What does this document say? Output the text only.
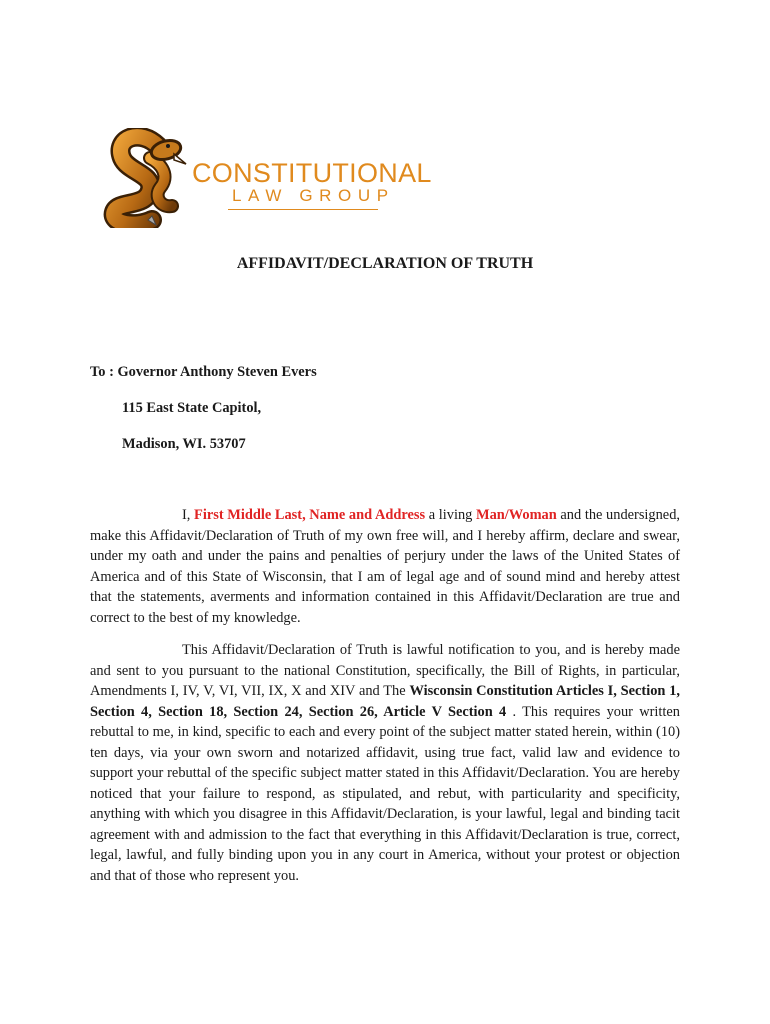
CONSTITUTIONAL
LAW GROUP
AFFIDAVIT/DECLARATION OF TRUTH
To : Governor Anthony Steven Evers
115 East State Capitol,
Madison, WI. 53707

I, First Middle Last, Name and Address a living Man/Woman and the undersigned, make this Affidavit/Declaration of Truth of my own free will, and I hereby affirm, declare and swear, under my oath and under the pains and penalties of perjury under the laws of the United States of America and of this State of Wisconsin, that I am of legal age and of sound mind and hereby attest that the statements, averments and information contained in this Affidavit/Declaration are true and correct to the best of my knowledge.

This Affidavit/Declaration of Truth is lawful notification to you, and is hereby made and sent to you pursuant to the national Constitution, specifically, the Bill of Rights, in particular, Amendments I, IV, V, VI, VII, IX, X and XIV and The Wisconsin Constitution Articles I, Section 1, Section 4, Section 18, Section 24, Section 26, Article V Section 4 . This requires your written rebuttal to me, in kind, specific to each and every point of the subject matter stated herein, within (10) ten days, via your own sworn and notarized affidavit, using true fact, valid law and evidence to support your rebuttal of the specific subject matter stated in this Affidavit/Declaration. You are hereby noticed that your failure to respond, as stipulated, and rebut, with particularity and specificity, anything with which you disagree in this Affidavit/Declaration, is your lawful, legal and binding tacit agreement with and admission to the fact that everything in this Affidavit/Declaration is true, correct, legal, lawful, and fully binding upon you in any court in America, without your protest or objection and that of those who represent you.
